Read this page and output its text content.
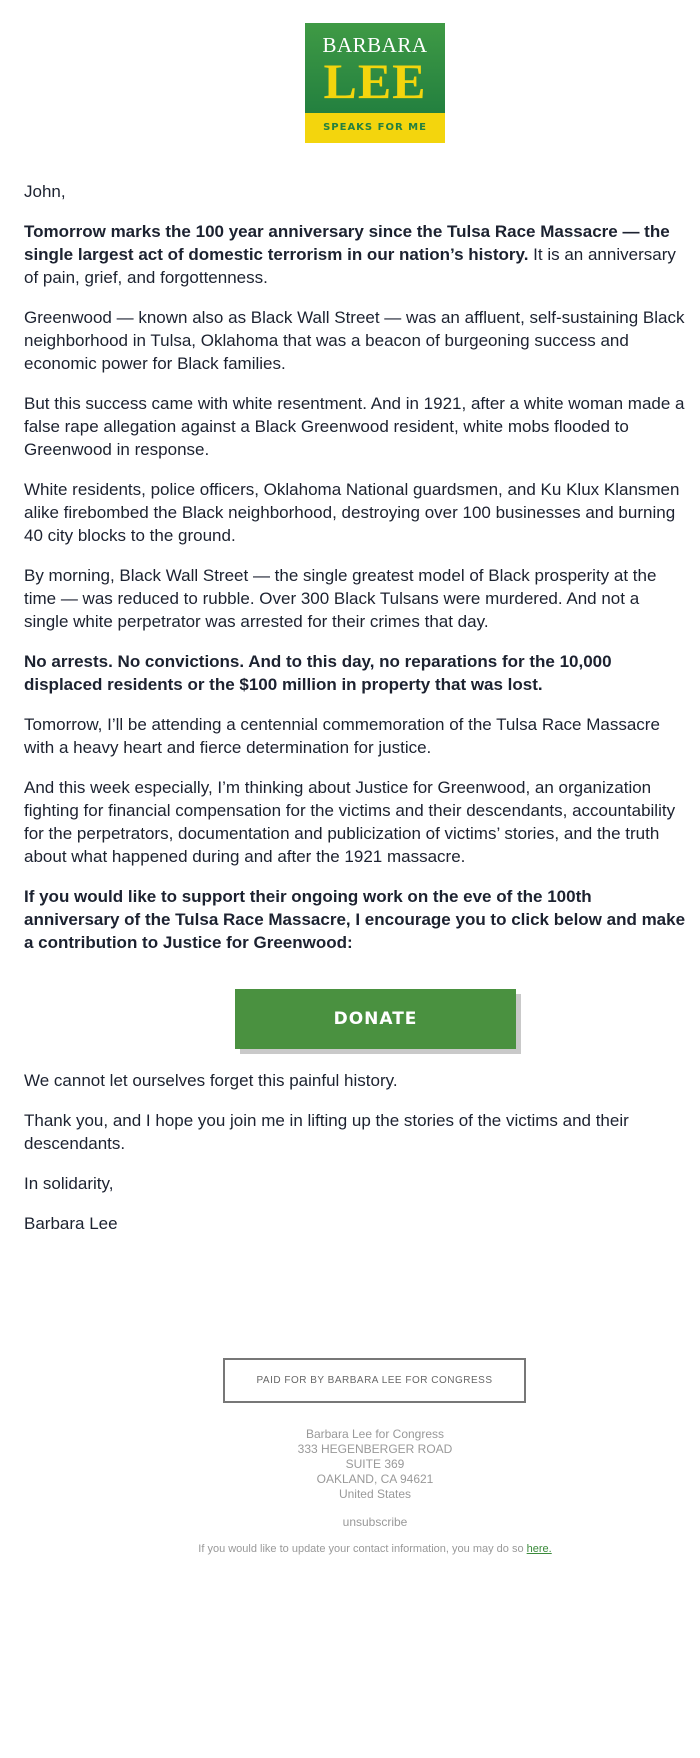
BARBARA
LEE
SPEAKS FOR ME
John,
Tomorrow marks the 100 year anniversary since the Tulsa Race Massacre — the
single largest act of domestic terrorism in our nation’s history. It is an anniversary
of pain, grief, and forgottenness.
Greenwood — known also as Black Wall Street — was an affluent, self-sustaining Black
neighborhood in Tulsa, Oklahoma that was a beacon of burgeoning success and
economic power for Black families.
But this success came with white resentment. And in 1921, after a white woman made a
false rape allegation against a Black Greenwood resident, white mobs flooded to
Greenwood in response.
White residents, police officers, Oklahoma National guardsmen, and Ku Klux Klansmen
alike firebombed the Black neighborhood, destroying over 100 businesses and burning
40 city blocks to the ground.
By morning, Black Wall Street — the single greatest model of Black prosperity at the
time — was reduced to rubble. Over 300 Black Tulsans were murdered. And not a
single white perpetrator was arrested for their crimes that day.
No arrests. No convictions. And to this day, no reparations for the 10,000
displaced residents or the $100 million in property that was lost.
Tomorrow, I’ll be attending a centennial commemoration of the Tulsa Race Massacre
with a heavy heart and fierce determination for justice.
And this week especially, I’m thinking about Justice for Greenwood, an organization
fighting for financial compensation for the victims and their descendants, accountability
for the perpetrators, documentation and publicization of victims’ stories, and the truth
about what happened during and after the 1921 massacre.
If you would like to support their ongoing work on the eve of the 100th
anniversary of the Tulsa Race Massacre, I encourage you to click below and make
a contribution to Justice for Greenwood:
DONATE
We cannot let ourselves forget this painful history.
Thank you, and I hope you join me in lifting up the stories of the victims and their
descendants.
In solidarity,
Barbara Lee
PAID FOR BY BARBARA LEE FOR CONGRESS
Barbara Lee for Congress
333 HEGENBERGER ROAD
SUITE 369
OAKLAND, CA 94621
United States
unsubscribe
If you would like to update your contact information, you may do so here.
